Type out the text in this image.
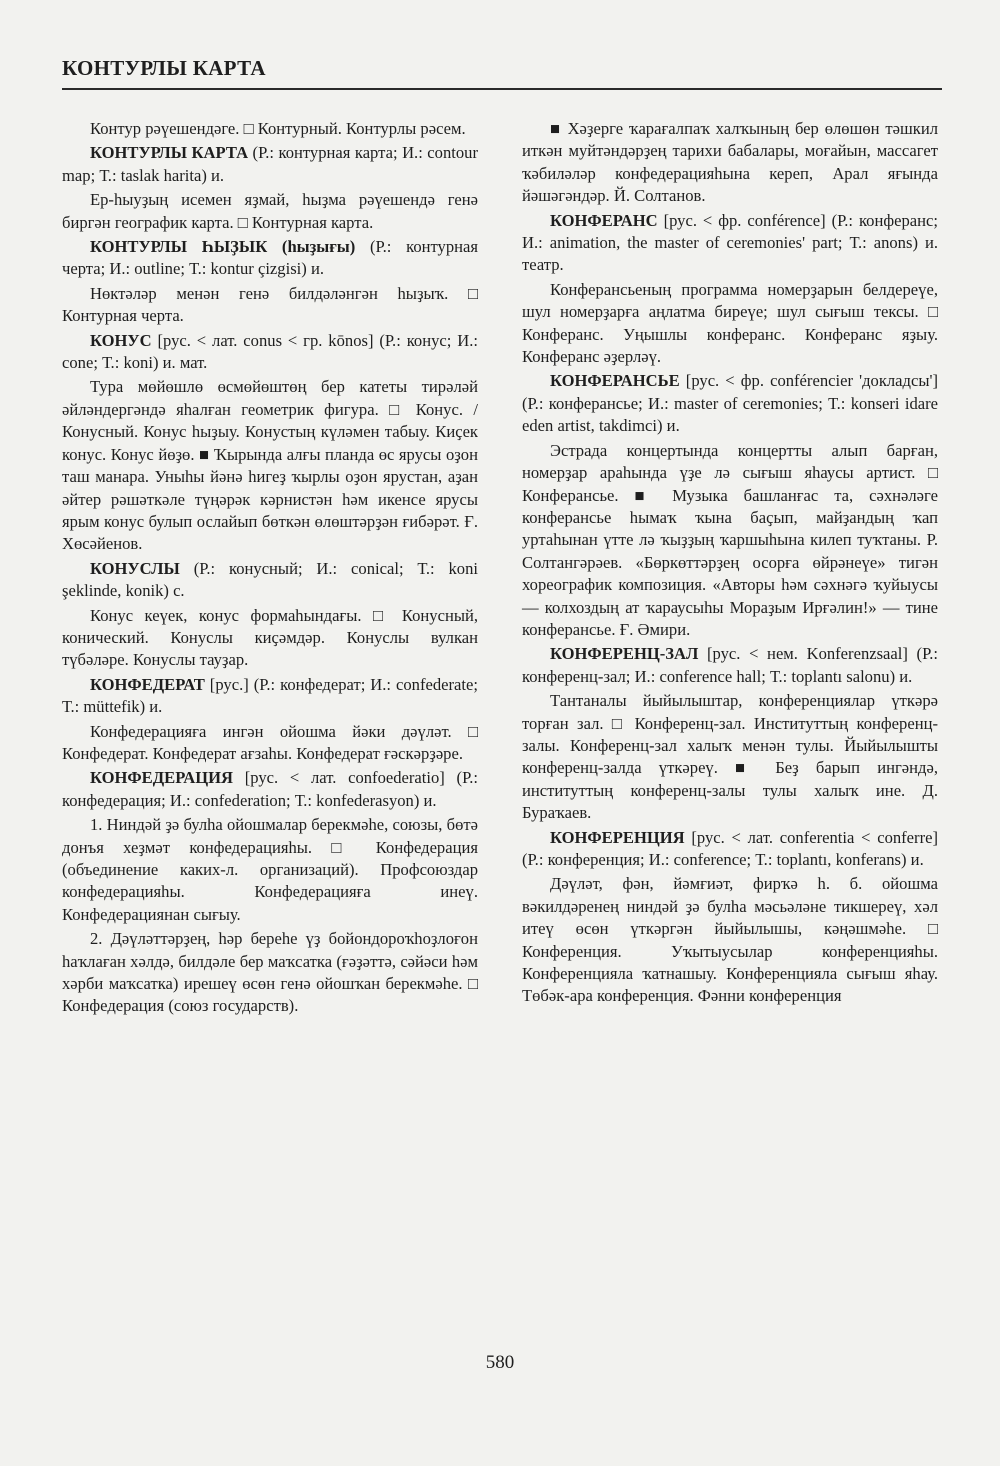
КОНТУРЛЫ КАРТА

Контур рәүешендәге. □ Контурный. Контурлы рәсем.

КОНТУРЛЫ КАРТА (Р.: контурная карта; И.: contour map; Т.: taslak harita) и.

Ер-һыуҙың исемен яҙмай, һыҙма рәүешендә генә биргән географик карта. □ Контурная карта.

КОНТУРЛЫ ҺЫҘЫК (һыҙығы) (Р.: контурная черта; И.: outline; Т.: kontur çizgisi) и.

Нөктәләр менән генә билдәләнгән һыҙыҡ. □ Контурная черта.

КОНУС [рус. < лат. conus < гр. kōnos] (Р.: конус; И.: cone; Т.: koni) и. мат.

Тура мөйөшлө өсмөйөштөң бер катеты тирәләй әйләндергәндә яһалған геометрик фигура. □ Конус. / Конусный. Конус һыҙыу. Конустың күләмен табыу. Киҫек конус. Конус йөҙө. ■ Ҡырында алғы планда өс ярусы оҙон таш манара. Уныһы йәнә һигеҙ ҡырлы оҙон ярустан, аҙан әйтер рәшәткәле түңәрәк кәрнистән һәм икенсе ярусы ярым конус булып ослайып бөткән өлөштәрҙән ғибәрәт. Ғ. Хөсәйенов.

КОНУСЛЫ (Р.: конусный; И.: conical; Т.: koni şeklinde, konik) с.

Конус кеүек, конус формаһындағы. □ Конусный, конический. Конуслы киҫәмдәр. Конуслы вулкан түбәләре. Конуслы тауҙар.

КОНФЕДЕРАТ [рус.] (Р.: конфедерат; И.: confederate; Т.: müttefik) и.

Конфедерацияға ингән ойошма йәки дәүләт. □ Конфедерат. Конфедерат ағзаһы. Конфедерат ғәскәрҙәре.

КОНФЕДЕРАЦИЯ [рус. < лат. confoederatio] (Р.: конфедерация; И.: confederation; Т.: konfederasyon) и.

1. Ниндәй ҙә булһа ойошмалар берекмәһе, союзы, бөтә донъя хеҙмәт конфедерацияһы. □ Конфедерация (объединение каких-л. организаций). Профсоюздар конфедерацияһы. Конфедерацияға инеү. Конфедерациянан сығыу.

2. Дәүләттәрҙең, һәр береһе үҙ бойондороҡһоҙлоғон һаҡлаған хәлдә, билдәле бер маҡсатка (ғәҙәттә, сәйәси һәм хәрби маҡсатка) ирешеү өсөн генә ойошҡан берекмәһе. □ Конфедерация (союз государств).

■ Хәҙерге ҡарағалпаҡ халҡының бер өлөшөн тәшкил иткән муйтәндәрҙең тарихи бабалары, моғайын, массагет ҡәбиләләр конфедерацияһына кереп, Арал яғында йәшәгәндәр. Й. Солтанов.

КОНФЕРАНС [рус. < фр. conférence] (Р.: конферанс; И.: animation, the master of ceremonies' part; Т.: anons) и. театр.

Конферансьеның программа номерҙарын белдереүе, шул номерҙарға аңлатма биреүе; шул сығыш тексы. □ Конферанс. Уңышлы конферанс. Конферанс яҙыу. Конферанс әҙерләү.

КОНФЕРАНСЬЕ [рус. < фр. conférencier 'докладсы'] (Р.: конферансье; И.: master of ceremonies; Т.: konseri idare eden artist, takdimci) и.

Эстрада концертында концертты алып барған, номерҙар араһында үҙе лә сығыш яһаусы артист. □ Конферансье. ■ Музыка башланғас та, сәхнәләге конферансье һымаҡ ҡына баҫып, майҙандың ҡап уртаһынан үтте лә ҡыҙҙың ҡаршыһына килеп туҡтаны. Р. Солтангәрәев. «Бөркөттәрҙең осорға өйрәнеүе» тигән хореографик композиция. «Авторы һәм сәхнәгә ҡуйыусы — колхоздың ат ҡараусыһы Мораҙым Ирғәлин!» — тине конферансье. Ғ. Әмири.

КОНФЕРЕНЦ-ЗАЛ [рус. < нем. Konferenzsaal] (Р.: конференц-зал; И.: conference hall; Т.: toplantı salonu) и.

Тантаналы йыйылыштар, конференциялар үткәрә торған зал. □ Конференц-зал. Институттың конференц-залы. Конференц-зал халыҡ менән тулы. Йыйылышты конференц-залда үткәреү. ■ Беҙ барып ингәндә, институттың конференц-залы тулы халыҡ ине. Д. Бураҡаев.

КОНФЕРЕНЦИЯ [рус. < лат. conferentia < conferre] (Р.: конференция; И.: conference; Т.: toplantı, konferans) и.

Дәүләт, фән, йәмғиәт, фирҡә һ. б. ойошма вәкилдәренең ниндәй ҙә булһа мәсьәләне тикшереү, хәл итеү өсөн үткәргән йыйылышы, кәңәшмәһе. □ Конференция. Уҡытыусылар конференцияһы. Конференцияла ҡатнашыу. Конференцияла сығыш яһау. Төбәк-ара конференция. Фәнни конференция

580
